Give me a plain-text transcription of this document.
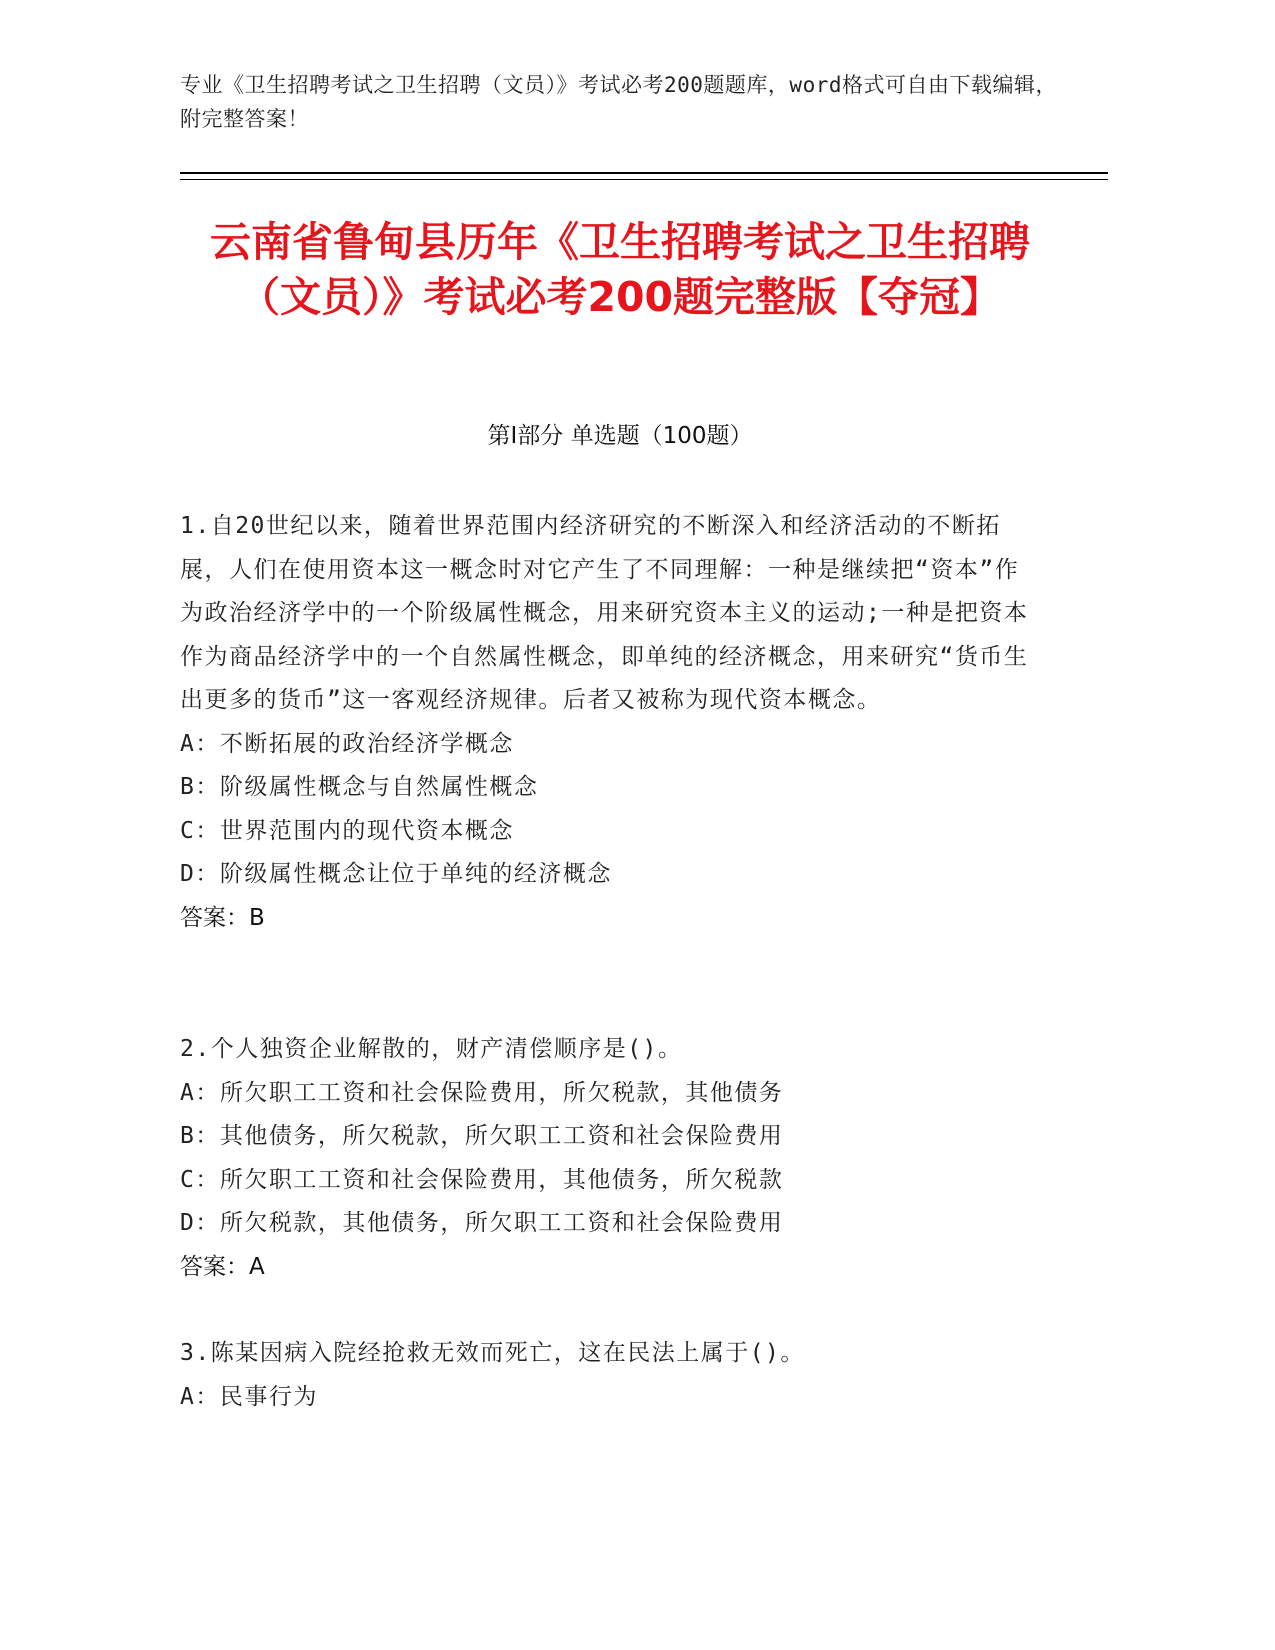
专业《卫生招聘考试之卫生招聘（文员）》考试必考200题题库，word格式可自由下载编辑，附完整答案！
云南省鲁甸县历年《卫生招聘考试之卫生招聘（文员）》考试必考200题完整版【夺冠】
第Ⅰ部分 单选题（100题）
1.自20世纪以来，随着世界范围内经济研究的不断深入和经济活动的不断拓展，人们在使用资本这一概念时对它产生了不同理解：一种是继续把“资本”作为政治经济学中的一个阶级属性概念，用来研究资本主义的运动;一种是把资本作为商品经济学中的一个自然属性概念，即单纯的经济概念，用来研究“货币生出更多的货币”这一客观经济规律。后者又被称为现代资本概念。
A：不断拓展的政治经济学概念
B：阶级属性概念与自然属性概念
C：世界范围内的现代资本概念
D：阶级属性概念让位于单纯的经济概念
答案：B
2.个人独资企业解散的，财产清偿顺序是()。
A：所欠职工工资和社会保险费用，所欠税款，其他债务
B：其他债务，所欠税款，所欠职工工资和社会保险费用
C：所欠职工工资和社会保险费用，其他债务，所欠税款
D：所欠税款，其他债务，所欠职工工资和社会保险费用
答案：A
3.陈某因病入院经抢救无效而死亡，这在民法上属于()。
A：民事行为
